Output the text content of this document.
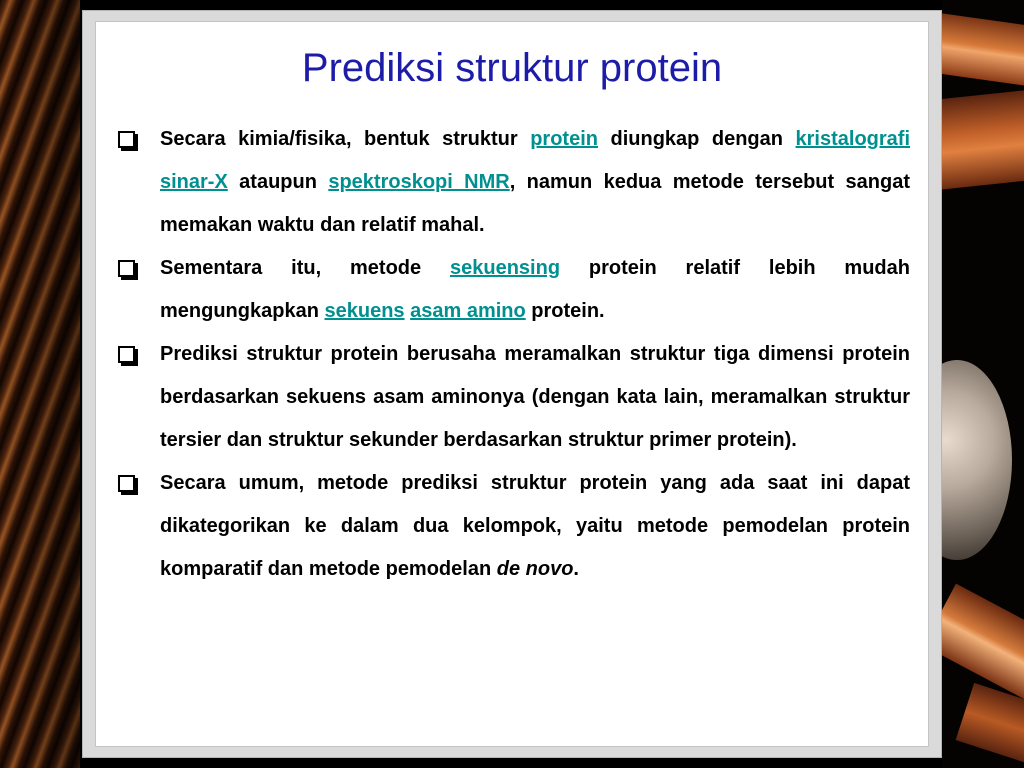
Prediksi struktur protein
Secara kimia/fisika, bentuk struktur protein diungkap dengan kristalografi sinar-X ataupun spektroskopi NMR, namun kedua metode tersebut sangat memakan waktu dan relatif mahal.
Sementara itu, metode sekuensing protein relatif lebih mudah mengungkapkan sekuens asam amino protein.
Prediksi struktur protein berusaha meramalkan struktur tiga dimensi protein berdasarkan sekuens asam aminonya (dengan kata lain, meramalkan struktur tersier dan struktur sekunder berdasarkan struktur primer protein).
Secara umum, metode prediksi struktur protein yang ada saat ini dapat dikategorikan ke dalam dua kelompok, yaitu metode pemodelan protein komparatif dan metode pemodelan de novo.
